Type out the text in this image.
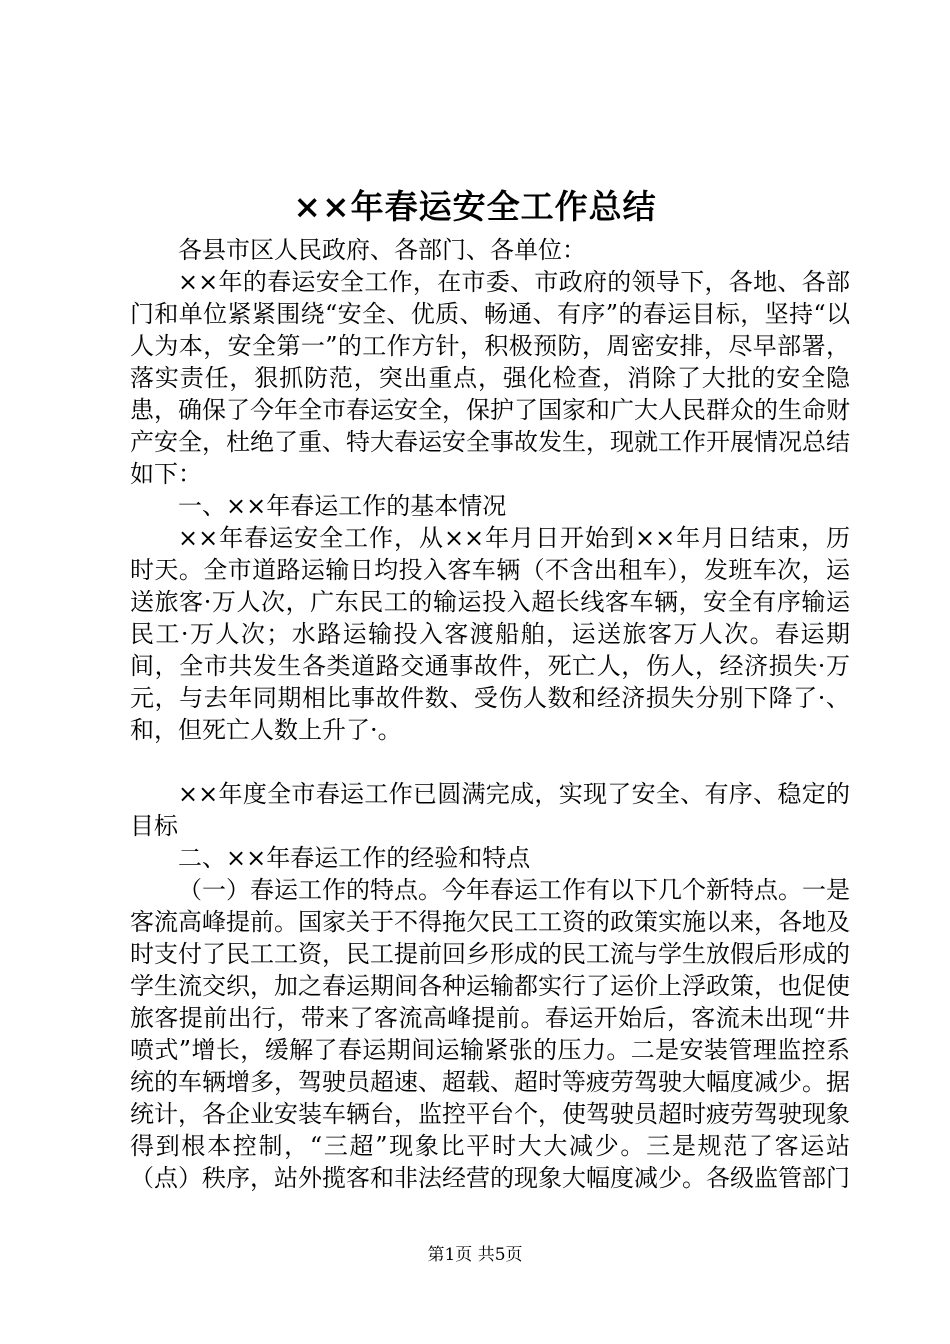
××年春运安全工作总结

各县市区人民政府、各部门、各单位：

××年的春运安全工作，在市委、市政府的领导下，各地、各部门和单位紧紧围绕“安全、优质、畅通、有序”的春运目标，坚持“以人为本，安全第一”的工作方针，积极预防，周密安排，尽早部署，落实责任，狠抓防范，突出重点，强化检查，消除了大批的安全隐患，确保了今年全市春运安全，保护了国家和广大人民群众的生命财产安全，杜绝了重、特大春运安全事故发生，现就工作开展情况总结如下：

一、××年春运工作的基本情况

××年春运安全工作，从××年月日开始到××年月日结束，历时天。全市道路运输日均投入客车辆（不含出租车），发班车次，运送旅客·万人次，广东民工的输运投入超长线客车辆，安全有序输运民工·万人次；水路运输投入客渡船舶，运送旅客万人次。春运期间，全市共发生各类道路交通事故件，死亡人，伤人，经济损失·万元，与去年同期相比事故件数、受伤人数和经济损失分别下降了·、和，但死亡人数上升了·。

××年度全市春运工作已圆满完成，实现了安全、有序、稳定的目标

二、××年春运工作的经验和特点

（一）春运工作的特点。今年春运工作有以下几个新特点。一是客流高峰提前。国家关于不得拖欠民工工资的政策实施以来，各地及时支付了民工工资，民工提前回乡形成的民工流与学生放假后形成的学生流交织，加之春运期间各种运输都实行了运价上浮政策，也促使旅客提前出行，带来了客流高峰提前。春运开始后，客流未出现“井喷式”增长，缓解了春运期间运输紧张的压力。二是安装管理监控系统的车辆增多，驾驶员超速、超载、超时等疲劳驾驶大幅度减少。据统计，各企业安装车辆台，监控平台个，使驾驶员超时疲劳驾驶现象得到根本控制，“三超”现象比平时大大减少。三是规范了客运站（点）秩序，站外揽客和非法经营的现象大幅度减少。各级监管部门

第1页 共5页
